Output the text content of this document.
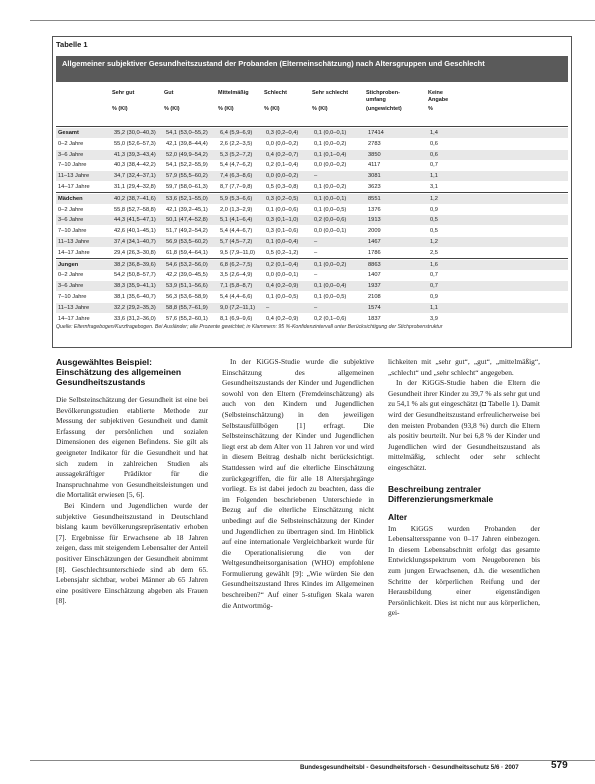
Tabelle 1
Allgemeiner subjektiver Gesundheitszustand der Probanden (Elterneinschätzung) nach Altersgruppen und Geschlecht
Sehr gut
% (KI)
Gut
% (KI)
Mittelmäßig
% (KI)
Schlecht
% (KI)
Sehr schlecht
% (KI)
Stichproben-
umfang
(ungewichtet)
Keine
Angabe
%
Gesamt	35,2 (30,0–40,3) 54,1 (53,0–55,2) 6,4 (5,9–6,9) 0,3 (0,2–0,4)	0,1 (0,0–0,1)	17414	1,4
0–2 Jahre	55,0 (52,6–57,3) 42,1 (39,8–44,4) 2,6 (2,2–3,5) 0,0 (0,0–0,2)	0,1 (0,0–0,2)	2783	0,6
3–6 Jahre	41,3 (39,3–43,4) 52,0 (49,9–54,2) 5,3 (5,2–7,2) 0,4 (0,2–0,7)	0,1 (0,1–0,4)	3850	0,6
7–10 Jahre	40,3 (38,4–42,2) 54,1 (52,2–55,9) 5,4 (4,7–6,2) 0,2 (0,1–0,4)	0,0 (0,0–0,2)	4117	0,7
11–13 Jahre	34,7 (32,4–37,1) 57,9 (55,5–60,2) 7,4 (6,3–8,6) 0,0 (0,0–0,2)	–	3081	1,1
14–17 Jahre	31,1 (29,4–32,8) 59,7 (58,0–61,3) 8,7 (7,7–9,8) 0,5 (0,3–0,8)	0,1 (0,0–0,2)	3623	3,1
Mädchen	40,2 (38,7–41,6) 53,6 (52,1–55,0) 5,9 (5,3–6,6) 0,3 (0,2–0,5)	0,1 (0,0–0,1)	8551	1,2
0–2 Jahre	55,8 (52,7–58,8) 42,1 (39,2–45,1) 2,0 (1,3–2,9) 0,1 (0,0–0,6)	0,1 (0,0–0,5)	1376	0,9
3–6 Jahre	44,3 (41,5–47,1) 50,1 (47,4–52,8) 5,1 (4,1–6,4) 0,3 (0,1–1,0)	0,2 (0,0–0,6)	1913	0,5
7–10 Jahre	42,6 (40,1–45,1) 51,7 (49,2–54,2) 5,4 (4,4–6,7) 0,3 (0,1–0,6)	0,0 (0,0–0,1)	2009	0,5
11–13 Jahre	37,4 (34,1–40,7) 56,9 (53,5–60,2) 5,7 (4,5–7,2) 0,1 (0,0–0,4)	–	1467	1,2
14–17 Jahre	29,4 (26,3–30,8) 61,8 (59,4–64,1) 9,5 (7,9–11,0) 0,5 (0,2–1,2)	–	1786	2,5
Jungen	38,2 (36,8–39,6) 54,6 (53,2–56,0) 6,8 (6,2–7,5) 0,2 (0,1–0,4)	0,1 (0,0–0,2)	8863	1,6
0–2 Jahre	54,2 (50,8–57,7) 42,2 (39,0–45,5) 3,5 (2,6–4,9) 0,0 (0,0–0,1)	–	1407	0,7
3–6 Jahre	38,3 (35,9–41,1) 53,9 (51,1–56,6) 7,1 (5,8–8,7) 0,4 (0,2–0,9)	0,1 (0,0–0,4)	1937	0,7
7–10 Jahre	38,1 (35,6–40,7) 56,3 (53,6–58,9) 5,4 (4,4–6,6) 0,1 (0,0–0,5)	0,1 (0,0–0,5)	2108	0,9
11–13 Jahre	32,2 (29,2–35,3) 58,8 (55,7–61,9) 9,0 (7,2–11,1) –	–	1574	1,1
14–17 Jahre	33,6 (31,2–36,0) 57,6 (55,2–60,1) 8,1 (6,9–9,6) 0,4 (0,2–0,9)	0,2 (0,1–0,6)	1837	3,9
Quelle: Elternfragebogen/Kurzfragebogen. Bei Ausländer; alle Prozente gewichtet; in Klammern: 95 %-Konfidenzintervall unter Berücksichtigung der Stichprobenstruktur
Ausgewähltes Beispiel: Einschätzung des allgemeinen Gesundheitszustands

Die Selbsteinschätzung der Gesundheit ist eine bei Bevölkerungsstudien etablierte Methode zur Messung der subjektiven Gesundheit und damit Erfassung der persönlichen und sozialen Dimensionen des eigenen Befindens. Sie gilt als geeigneter Indikator für die Gesundheit und hat sich zudem in zahlreichen Studien als aussagekräftiger Prädiktor für die Inanspruchnahme von Gesundheitsleistungen und die Mortalität erwiesen [5, 6].

Bei Kindern und Jugendlichen wurde der subjektive Gesundheitszustand in Deutschland bislang kaum bevölkerungsrepräsentativ erhoben [7]. Ergebnisse für Erwachsene ab 18 Jahren zeigen, dass mit steigendem Lebensalter der Anteil positiver Einschätzungen der Gesundheit abnimmt [8]. Geschlechtsunterschiede sind ab dem 65. Lebensjahr sichtbar, wobei Männer ab 65 Jahren eine positivere Einschätzung abgeben als Frauen [8].

In der KiGGS-Studie wurde die subjektive Einschätzung des allgemeinen Gesundheitszustands der Kinder und Jugendlichen sowohl von den Eltern (Fremdeinschätzung) als auch von den Kindern und Jugendlichen (Selbsteinschätzung) in den jeweiligen Selbstausfüllbögen [1] erfragt. Die Selbsteinschätzung der Kinder und Jugendlichen liegt erst ab dem Alter von 11 Jahren vor und wird in diesem Beitrag deshalb nicht berücksichtigt. Stattdessen wird auf die elterliche Einschätzung zurückgegriffen, die für alle 18 Altersjahrgänge vorliegt. Es ist dabei jedoch zu beachten, dass die im Folgenden beschriebenen Unterschiede in Bezug auf die elterliche Einschätzung nicht unbedingt auf die Selbsteinschätzung der Kinder und Jugendlichen zu übertragen sind. Im Hinblick auf eine internationale Vergleichbarkeit wurde für die Operationalisierung die von der Weltgesundheitsorganisation (WHO) empfohlene Formulierung gewählt [9]: „Wie würden Sie den Gesundheitszustand Ihres Kindes im Allgemeinen beschreiben?“ Auf einer 5-stufigen Skala waren die Antwortmög-

lichkeiten mit „sehr gut“, „gut“, „mittelmäßig“, „schlecht“ und „sehr schlecht“ angegeben.

In der KiGGS-Studie haben die Eltern die Gesundheit ihrer Kinder zu 39,7 % als sehr gut und zu 54,1 % als gut eingeschätzt (◘ Tabelle 1). Damit wird der Gesundheitszustand erfreulicherweise bei den meisten Probanden (93,8 %) durch die Eltern als positiv beurteilt. Nur bei 6,8 % der Kinder und Jugendlichen wird der Gesundheitszustand als mittelmäßig, schlecht oder sehr schlecht eingeschätzt.

Beschreibung zentraler Differenzierungsmerkmale
Alter

Im KiGGS wurden Probanden der Lebensaltersspanne von 0–17 Jahren einbezogen. In diesem Lebensabschnitt erfolgt das gesamte Entwicklungsspektrum vom Neugeborenen bis zum jungen Erwachsenen, d.h. die wesentlichen Schritte der körperlichen Reifung und der Herausbildung einer eigenständigen Persönlichkeit. Dies ist nicht nur aus körperlichen, gei-

Bundesgesundheitsbl - Gesundheitsforsch - Gesundheitsschutz 5/6 · 2007	579
